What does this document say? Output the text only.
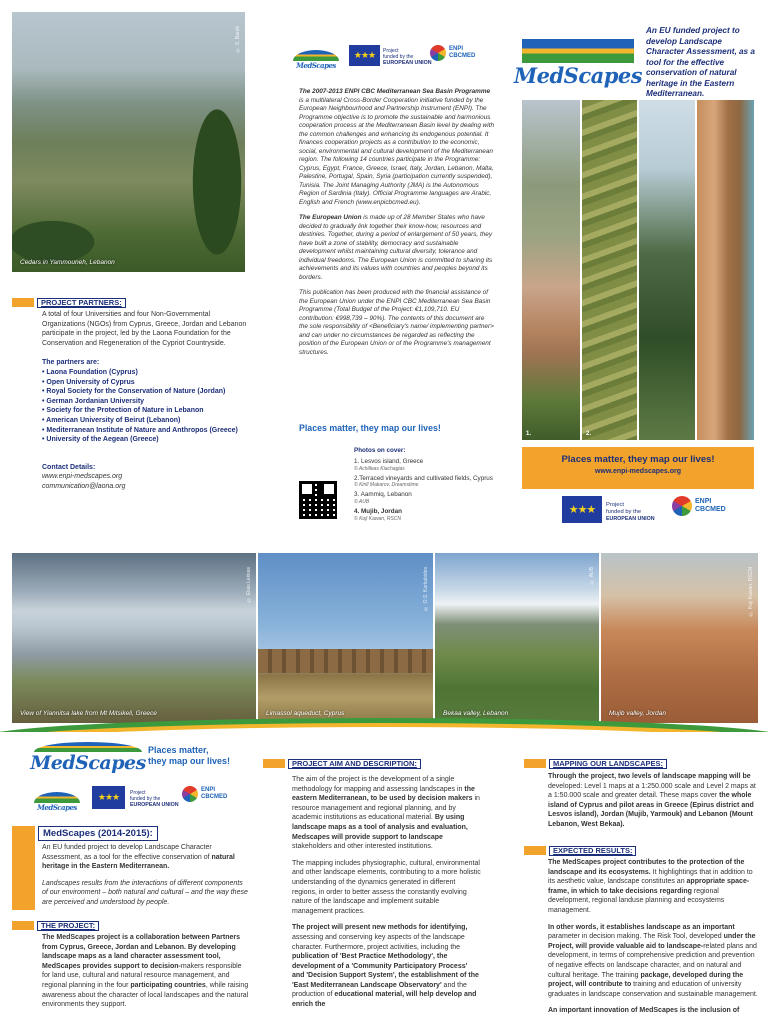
© S. Barak
Cedars in Yammouneh, Lebanon
PROJECT PARTNERS:

A total of four Universities and four Non-Governmental Organizations (NGOs) from Cyprus, Greece, Jordan and Lebanon participate in the project, led by the Laona Foundation for the Conservation and Regeneration of the Cypriot Countryside.

The partners are:
• Laona Foundation (Cyprus)
• Open University of Cyprus
• Royal Society for the Conservation of Nature (Jordan)
• German Jordanian University
• Society for the Protection of Nature in Lebanon
• American University of Beirut (Lebanon)
• Mediterranean Institute of Nature and Anthropos (Greece)
• University of the Aegean (Greece)
Contact Details:
www.enpi-medscapes.org
communication@laona.org
MedScapes
★★★ Project
funded by the
EUROPEAN UNION
ENPI
CBCMED

The 2007-2013 ENPI CBC Mediterranean Sea Basin Programme is a multilateral Cross-Border Cooperation initiative funded by the European Neighbourhood and Partnership Instrument (ENPI). The Programme objective is to promote the sustainable and harmonious cooperation process at the Mediterranean Basin level by dealing with the common challenges and enhancing its endogenous potential. It finances cooperation projects as a contribution to the economic, social, environmental and cultural development of the Mediterranean region. The following 14 countries participate in the Programme: Cyprus, Egypt, France, Greece, Israel, Italy, Jordan, Lebanon, Malta, Palestine, Portugal, Spain, Syria (participation currently suspended), Tunisia. The Joint Managing Authority (JMA) is the Autonomous Region of Sardinia (Italy). Official Programme languages are Arabic, English and French (www.enpicbcmed.eu).

The European Union is made up of 28 Member States who have decided to gradually link together their know-how, resources and destinies. Together, during a period of enlargement of 50 years, they have built a zone of stability, democracy and sustainable development whilst maintaining cultural diversity, tolerance and individual freedoms. The European Union is committed to sharing its achievements and its values with countries and peoples beyond its borders.

This publication has been produced with the financial assistance of the European Union under the ENPI CBC Mediterranean Sea Basin Programme (Total Budget of the Project: €1,109,710. EU contribution: €998,739 – 90%). The contents of this document are the sole responsibility of <Beneficiary's name/ implementing partner> and can under no circumstances be regarded as reflecting the position of the European Union or of the Programme's management structures.

Places matter, they map our lives!
Photos on cover:
1. Lesvos island, Greece
© Achilleas Kiachagias
2.Terraced vineyards and cultivated fields, Cyprus
© Kirill Makarov, Dreamstime
3. Aammiq, Lebanon
© AUB
4. Mujib, Jordan
© Koji Kawan, RSCN
MedScapes
An EU funded project to develop Landscape Character Assessment, as a tool for the effective conservation of natural heritage in the Eastern Mediterranean.
1.	2.
Places matter, they map our lives!
www.enpi-medscapes.org
★★★ Project
funded by the
EUROPEAN UNION
ENPI
CBCMED
© Elias Lekkas
View of Yiannitsa lake from Mt Mitsikeli, Greece
© O.S. Karkabides
Limassol aqueduct, Cyprus
© AUB
Bekaa valley, Lebanon
© Koji Kawan, RSCN
Mujib valley, Jordan
MedScapes
Places matter,
they map our lives!
MedScapes
★★★ Project
funded by the
EUROPEAN UNION
ENPI
CBCMED
MedScapes (2014-2015):

An EU funded project to develop Landscape Character Assessment, as a tool for the effective conservation of natural heritage in the Eastern Mediterranean.

Landscapes results from the interactions of different components of our environment – both natural and cultural – and the way these are perceived and understood by people.

THE PROJECT:
The MedScapes project is a collaboration between Partners from Cyprus, Greece, Jordan and Lebanon. By developing landscape maps as a land character assessment tool, MedScapes provides support to decision-makers responsible for land use, cultural and natural resource management, and regional planning in the four participating countries, while raising awareness about the character of local landscapes and the natural environments they support.
PROJECT AIM AND DESCRIPTION:

The aim of the project is the development of a single methodology for mapping and assessing landscapes in the eastern Mediterranean, to be used by decision makers in resource management and regional planning, and by academic institutions as educational material. By using landscape maps as a tool of analysis and evaluation, Medscapes will provide support to landscape stakeholders and other interested institutions.

The mapping includes physiographic, cultural, environmental and other landscape elements, contributing to a more holistic understanding of the dynamics generated in different regions, in order to better assess the constantly evolving nature of the landscape and implement suitable management practices.

The project will present new methods for identifying, assessing and conserving key aspects of the landscape character. Furthermore, project activities, including the publication of 'Best Practice Methodology', the development of a 'Community Participatory Process' and 'Decision Support System', the establishment of the 'East Mediterranean Landscape Observatory' and the production of educational material, will help develop and enrich the

MAPPING OUR LANDSCAPES:

Through the project, two levels of landscape mapping will be developed: Level 1 maps at a 1:250.000 scale and Level 2 maps at a 1:50.000 scale and greater detail. These maps cover the whole island of Cyprus and pilot areas in Greece (Epirus district and Lesvos island), Jordan (Mujib, Yarmouk) and Lebanon (Mount Lebanon, West Bekaa).

EXPECTED RESULTS:

The MedScapes project contributes to the protection of the landscape and its ecosystems. It highlightings that in addition to its aesthetic value, landscape constitutes an appropriate space-frame, in which to take decisions regarding regional development, regional landuse planning and ecosystems management.

In other words, it establishes landscape as an important parameter in decision making. The Risk Tool, developed under the Project, will provide valuable aid to landscape-related plans and development, in terms of comprehensive prediction and prevention of negative effects on landscape character, and on natural and cultural heritage. The training package, developed during the project, will contribute to training and education of university graduates in landscape conservation and sustainable management.

An important innovation of MedScapes is the inclusion of
